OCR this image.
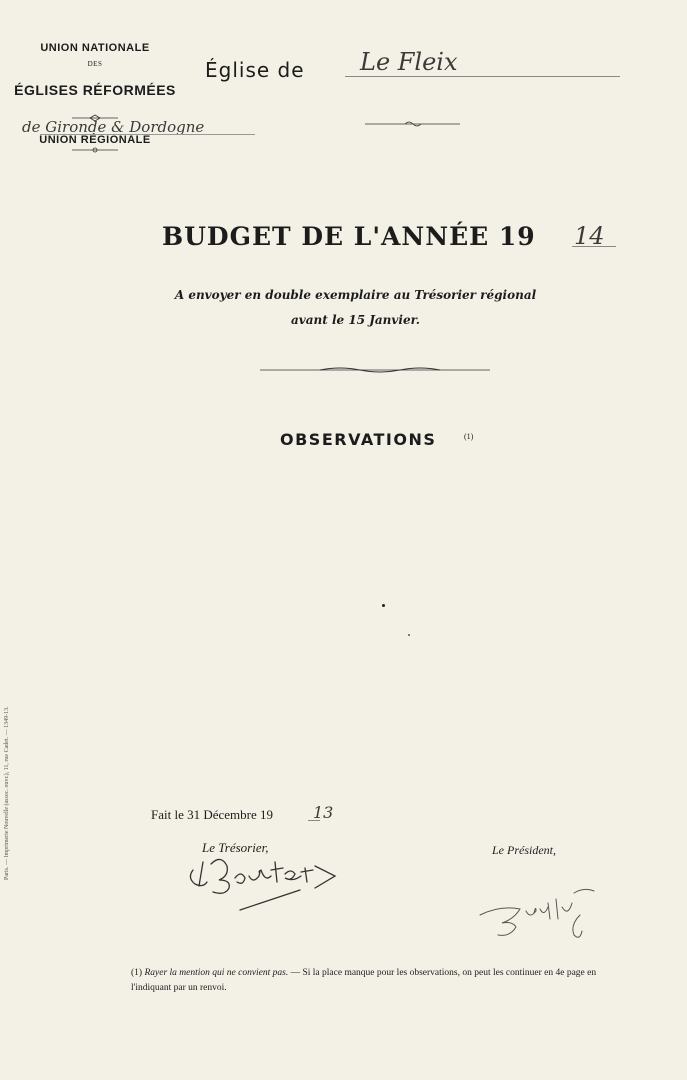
UNION NATIONALE
DES
ÉGLISES RÉFORMÉES
UNION RÉGIONALE
de Gironde & Dordogne
Église de Le Fleix
BUDGET DE L'ANNÉE 19 14
A envoyer en double exemplaire au Trésorier régional
avant le 15 Janvier.
OBSERVATIONS	(1)
Fait le 31 Décembre 19 13
Le Trésorier,	Le Président,
(1) Rayer la mention qui ne convient pas. — Si la place manque pour les observations, on peut les continuer en 4e page en l'indiquant par un renvoi.
Paris. — Imprimerie Nouvelle (assoc. ouvr.), 11, rue Cadet. — 1349-13.
